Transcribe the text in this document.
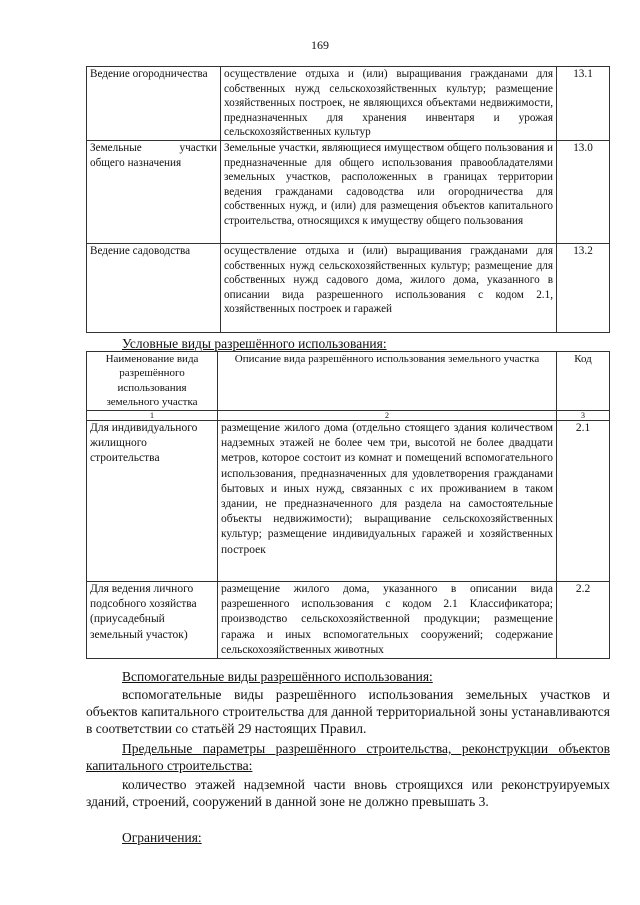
169
Ведение огородничества	осуществление отдыха и (или) выращивания гражданами для собственных нужд сельскохозяйственных культур; размещение хозяйственных построек, не являющихся объектами недвижимости, предназначенных для хранения инвентаря и урожая сельскохозяйственных культур	13.1
Земельные участки общего назначения	Земельные участки, являющиеся имуществом общего пользования и предназначенные для общего использования правообладателями земельных участков, расположенных в границах территории ведения гражданами садоводства или огородничества для собственных нужд, и (или) для размещения объектов капитального строительства, относящихся к имуществу общего пользования	13.0
Ведение садоводства	осуществление отдыха и (или) выращивания гражданами для собственных нужд сельскохозяйственных культур; размещение для собственных нужд садового дома, жилого дома, указанного в описании вида разрешенного использования с кодом 2.1, хозяйственных построек и гаражей	13.2
Условные виды разрешённого использования:
Наименование вида разрешённого использования земельного участка	Описание вида разрешённого использования земельного участка	Код
1	2	3
Для индивидуального жилищного строительства	размещение жилого дома (отдельно стоящего здания количеством надземных этажей не более чем три, высотой не более двадцати метров, которое состоит из комнат и помещений вспомогательного использования, предназначенных для удовлетворения гражданами бытовых и иных нужд, связанных с их проживанием в таком здании, не предназначенного для раздела на самостоятельные объекты недвижимости); выращивание сельскохозяйственных культур; размещение индивидуальных гаражей и хозяйственных построек	2.1
Для ведения личного подсобного хозяйства (приусадебный земельный участок)	размещение жилого дома, указанного в описании вида разрешенного использования с кодом 2.1 Классификатора; производство сельскохозяйственной продукции; размещение гаража и иных вспомогательных сооружений; содержание сельскохозяйственных животных	2.2
Вспомогательные виды разрешённого использования:
вспомогательные виды разрешённого использования земельных участков и объектов капитального строительства для данной территориальной зоны устанавливаются в соответствии со статьёй 29 настоящих Правил.
Предельные параметры разрешённого строительства, реконструкции объектов капитального строительства:
количество этажей надземной части вновь строящихся или реконструируемых зданий, строений, сооружений в данной зоне не должно превышать 3.
Ограничения:
